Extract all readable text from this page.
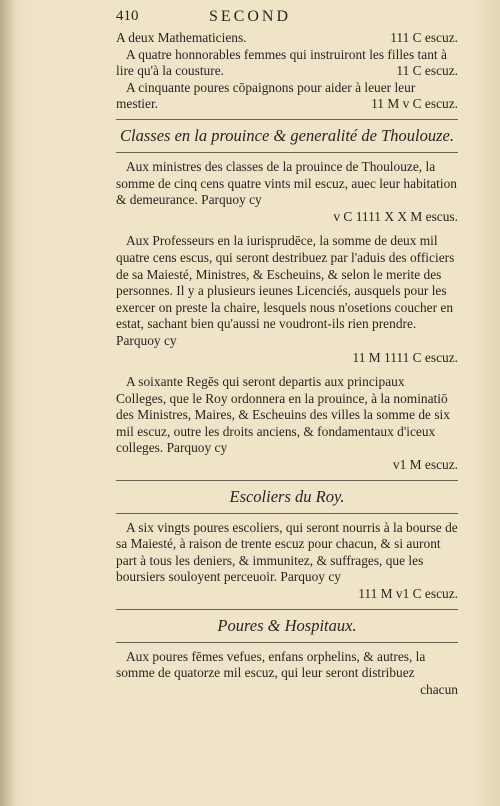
410	SECOND
A deux Mathematiciens.	111 C escuz.
A quatre honnorables femmes qui instruiront les filles tant à lire qu'à la cousture.	11 C escuz.
A cinquante poures cōpaignons pour aider à leuer leur mestier.	11 M v C escuz.
Classes en la prouince & generalité de Thoulouze.
Aux ministres des classes de la prouince de Thoulouze, la somme de cinq cens quatre vints mil escuz, auec leur habitation & demeurance. Parquoy cy
v C 1111 X X M escus.
Aux Professeurs en la iurisprudēce, la somme de deux mil quatre cens escus, qui seront destribuez par l'aduis des officiers de sa Maiesté, Ministres, & Escheuins, & selon le merite des personnes. Il y a plusieurs ieunes Licenciés, ausquels pour les exercer on preste la chaire, lesquels nous n'osetions coucher en estat, sachant bien qu'aussi ne voudront-ils rien prendre. Parquoy cy
11 M 1111 C escuz.
A soixante Regēs qui seront departis aux principaux Colleges, que le Roy ordonnera en la prouince, à la nominatiō des Ministres, Maires, & Escheuins des villes la somme de six mil escuz, outre les droits anciens, & fondamentaux d'iceux colleges. Parquoy cy
v1 M escuz.
Escoliers du Roy.
A six vingts poures escoliers, qui seront nourris à la bourse de sa Maiesté, à raison de trente escuz pour chacun, & si auront part à tous les deniers, & immunitez, & suffrages, que les boursiers souloyent perceuoir. Parquoy cy
111 M v1 C escuz.
Poures & Hospitaux.
Aux poures fēmes vefues, enfans orphelins, & autres, la somme de quatorze mil escuz, qui leur seront distribuez
chacun
